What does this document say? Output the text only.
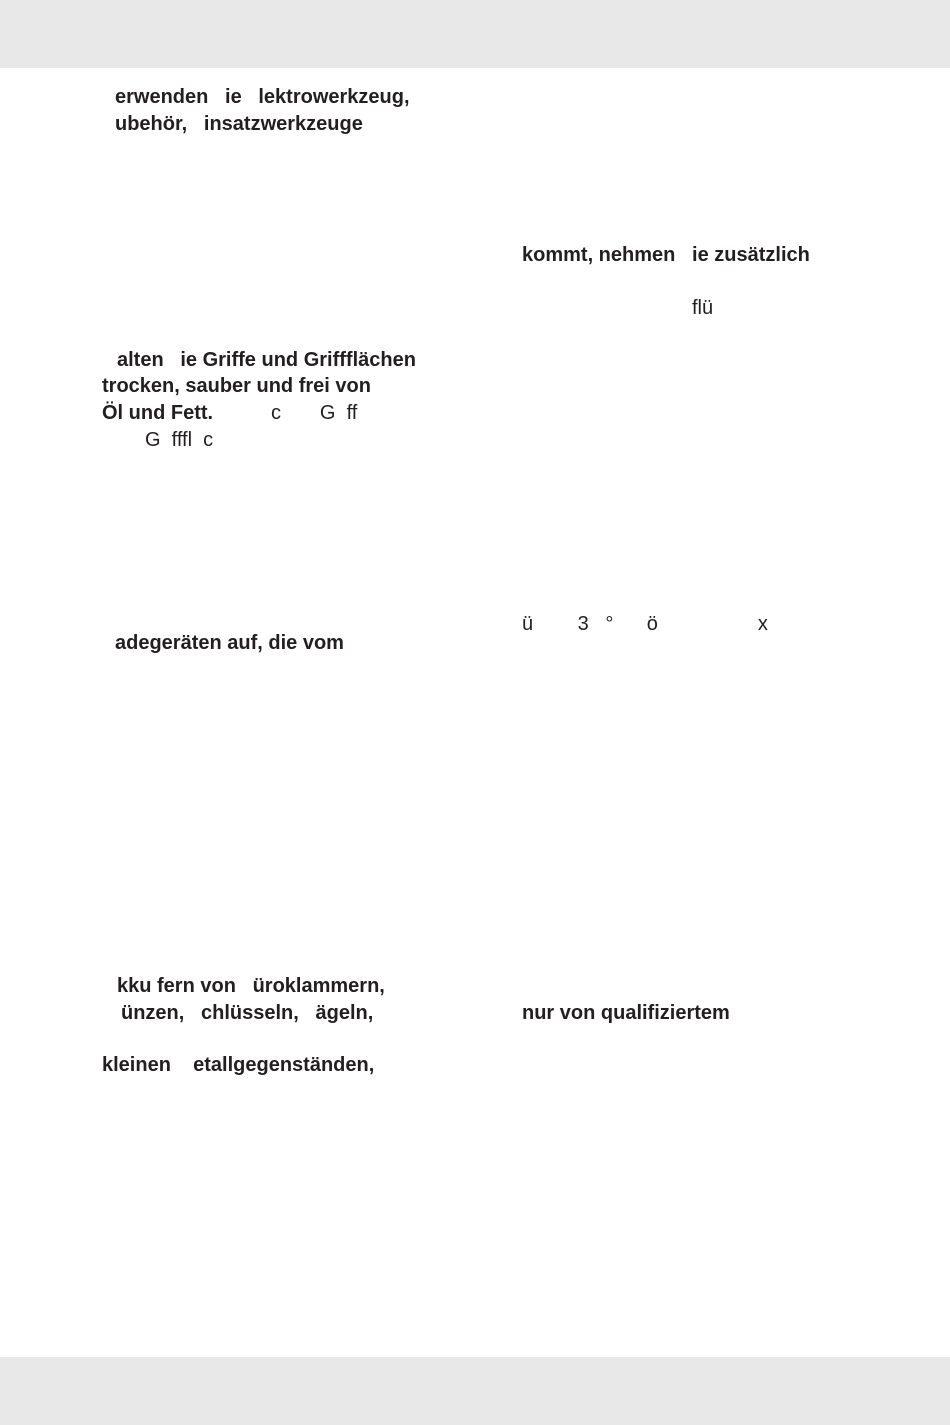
erwenden   ie   lektrowerkzeug,

ubehör,   insatzwerkzeuge

alten   ie Griffe und Griffflächen

trocken, sauber und frei von

Öl und Fett.	c       G  ff

G  fffl  c

adegeräten auf, die vom

kku fern von   üroklammern,

ünzen,   chlüsseln,   ägeln,

kleinen    etallgegenständen,

kommt, nehmen   ie zusätzlich

flü

ü        3   °      ö                  x

nur von qualifiziertem
